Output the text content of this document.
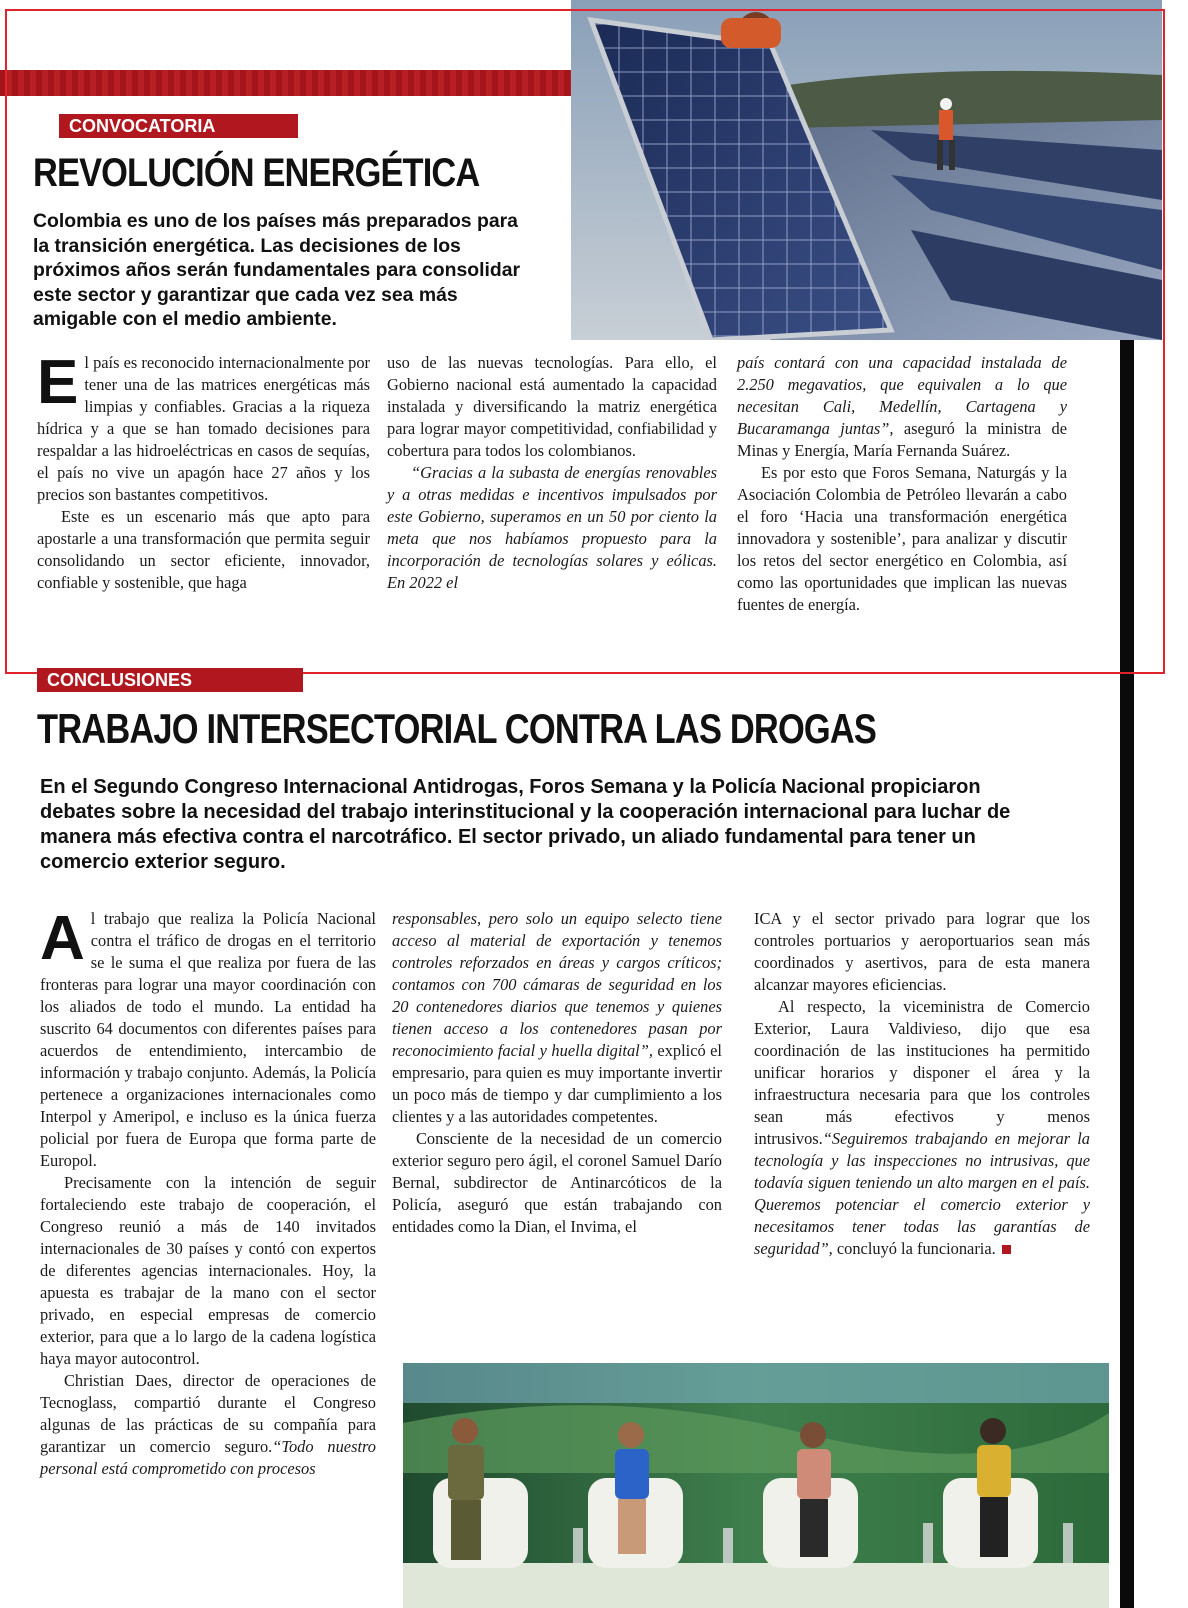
CONVOCATORIA
REVOLUCIÓN ENERGÉTICA
Colombia es uno de los países más preparados para la transición energética. Las decisiones de los próximos años serán fundamentales para consolidar este sector y garantizar que cada vez sea más amigable con el medio ambiente.

El país es reconocido internacionalmente por tener una de las matrices energéticas más limpias y confiables. Gracias a la riqueza hídrica y a que se han tomado decisiones para respaldar a las hidroeléctricas en casos de sequías, el país no vive un apagón hace 27 años y los precios son bastantes competitivos.

Este es un escenario más que apto para apostarle a una transformación que permita seguir consolidando un sector eficiente, innovador, confiable y sostenible, que haga

uso de las nuevas tecnologías. Para ello, el Gobierno nacional está aumentado la capacidad instalada y diversificando la matriz energética para lograr mayor competitividad, confiabilidad y cobertura para todos los colombianos.

“Gracias a la subasta de energías renovables y a otras medidas e incentivos impulsados por este Gobierno, superamos en un 50 por ciento la meta que nos habíamos propuesto para la incorporación de tecnologías solares y eólicas. En 2022 el

país contará con una capacidad instalada de 2.250 megavatios, que equivalen a lo que necesitan Cali, Medellín, Cartagena y Bucaramanga juntas”, aseguró la ministra de Minas y Energía, María Fernanda Suárez.

Es por esto que Foros Semana, Naturgás y la Asociación Colombia de Petróleo llevarán a cabo el foro ‘Hacia una transformación energética innovadora y sostenible’, para analizar y discutir los retos del sector energético en Colombia, así como las oportunidades que implican las nuevas fuentes de energía.

CONCLUSIONES
TRABAJO INTERSECTORIAL CONTRA LAS DROGAS
En el Segundo Congreso Internacional Antidrogas, Foros Semana y la Policía Nacional propiciaron debates sobre la necesidad del trabajo interinstitucional y la cooperación internacional para luchar de manera más efectiva contra el narcotráfico. El sector privado, un aliado fundamental para tener un comercio exterior seguro.

Al trabajo que realiza la Policía Nacional contra el tráfico de drogas en el territorio se le suma el que realiza por fuera de las fronteras para lograr una mayor coordinación con los aliados de todo el mundo. La entidad ha suscrito 64 documentos con diferentes países para acuerdos de entendimiento, intercambio de información y trabajo conjunto. Además, la Policía pertenece a organizaciones internacionales como Interpol y Ameripol, e incluso es la única fuerza policial por fuera de Europa que forma parte de Europol.

Precisamente con la intención de seguir fortaleciendo este trabajo de cooperación, el Congreso reunió a más de 140 invitados internacionales de 30 países y contó con expertos de diferentes agencias internacionales. Hoy, la apuesta es trabajar de la mano con el sector privado, en especial empresas de comercio exterior, para que a lo largo de la cadena logística haya mayor autocontrol.

Christian Daes, director de operaciones de Tecnoglass, compartió durante el Congreso algunas de las prácticas de su compañía para garantizar un comercio seguro.“Todo nuestro personal está comprometido con procesos

responsables, pero solo un equipo selecto tiene acceso al material de exportación y tenemos controles reforzados en áreas y cargos críticos; contamos con 700 cámaras de seguridad en los 20 contenedores diarios que tenemos y quienes tienen acceso a los contenedores pasan por reconocimiento facial y huella digital”, explicó el empresario, para quien es muy importante invertir un poco más de tiempo y dar cumplimiento a los clientes y a las autoridades competentes.

Consciente de la necesidad de un comercio exterior seguro pero ágil, el coronel Samuel Darío Bernal, subdirector de Antinarcóticos de la Policía, aseguró que están trabajando con entidades como la Dian, el Invima, el

ICA y el sector privado para lograr que los controles portuarios y aeroportuarios sean más coordinados y asertivos, para de esta manera alcanzar mayores eficiencias.

Al respecto, la viceministra de Comercio Exterior, Laura Valdivieso, dijo que esa coordinación de las instituciones ha permitido unificar horarios y disponer el área y la infraestructura necesaria para que los controles sean más efectivos y menos intrusivos.“Seguiremos trabajando en mejorar la tecnología y las inspecciones no intrusivas, que todavía siguen teniendo un alto margen en el país. Queremos potenciar el comercio exterior y necesitamos tener todas las garantías de seguridad”, concluyó la funcionaria.
